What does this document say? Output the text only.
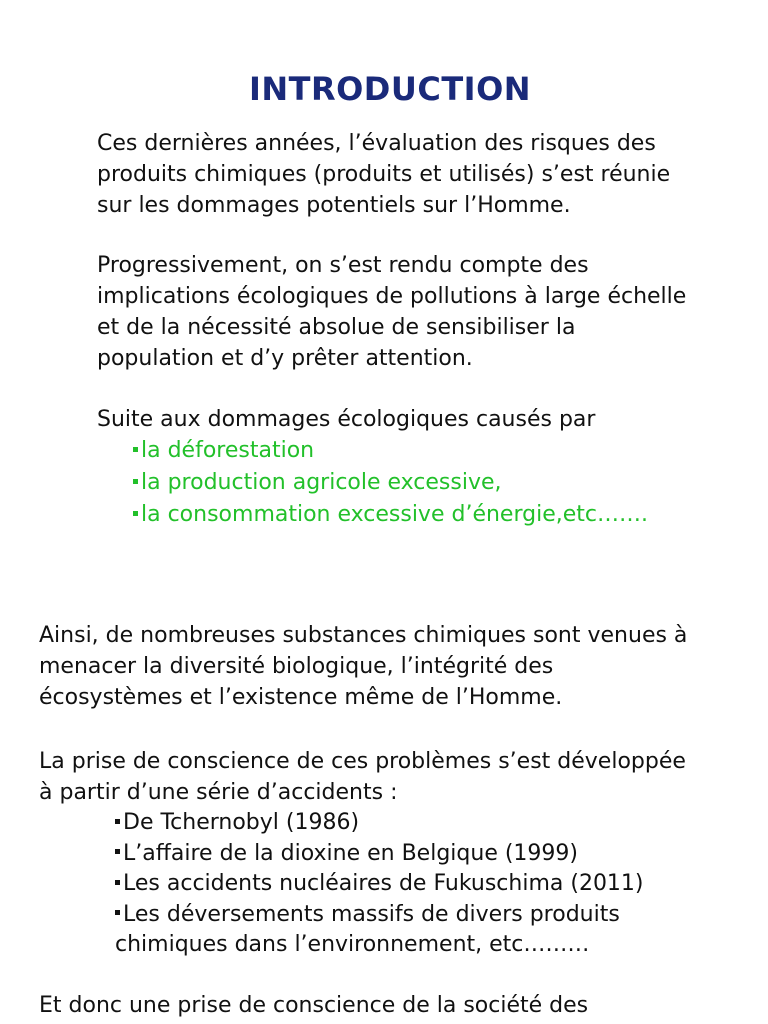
INTRODUCTION

Ces dernières années, l’évaluation des risques des

produits chimiques (produits et utilisés) s’est réunie

sur les dommages potentiels sur l’Homme.

Progressivement, on s’est rendu compte des

implications écologiques de pollutions à large échelle

et de la nécessité absolue de sensibiliser la

population et d’y prêter attention.

Suite aux dommages écologiques causés par

la déforestation
la production agricole excessive,
la consommation excessive d’énergie,etc…….

Ainsi, de nombreuses substances chimiques sont venues à

menacer la diversité biologique, l’intégrité des

écosystèmes et l’existence même de l’Homme.

La prise de conscience de ces problèmes s’est développée

à partir d’une série d’accidents :

De Tchernobyl (1986)
L’affaire de la dioxine en Belgique (1999)
Les accidents nucléaires de Fukuschima (2011)
Les déversements massifs de divers produits
chimiques dans l’environnement, etc………

Et donc une prise de conscience de la société des
